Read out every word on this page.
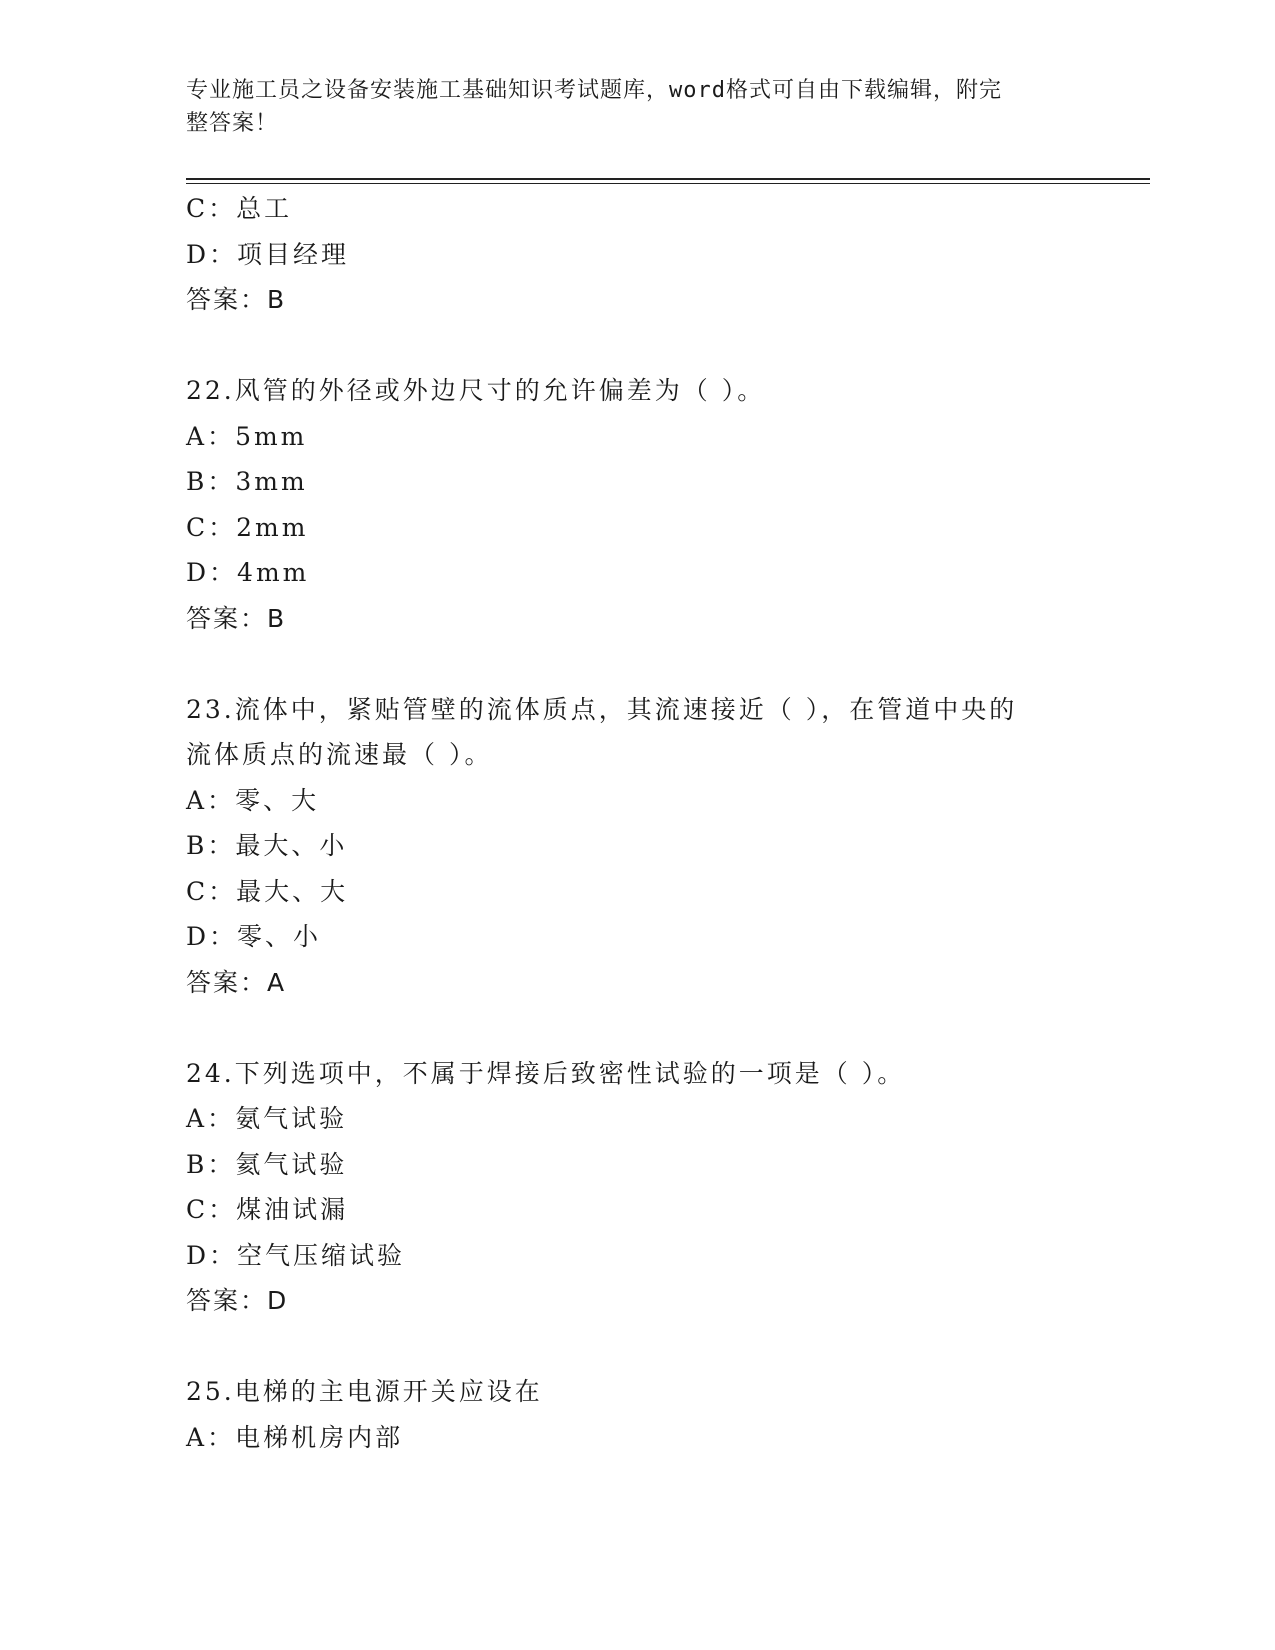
专业施工员之设备安装施工基础知识考试题库，word格式可自由下载编辑，附完
整答案！
C：总工
D：项目经理
答案：B
22.风管的外径或外边尺寸的允许偏差为（ ）。
A：5mm
B：3mm
C：2mm
D：4mm
答案：B
23.流体中，紧贴管壁的流体质点，其流速接近（ ），在管道中央的
流体质点的流速最（ ）。
A：零、大
B：最大、小
C：最大、大
D：零、小
答案：A
24.下列选项中，不属于焊接后致密性试验的一项是（ ）。
A：氨气试验
B：氦气试验
C：煤油试漏
D：空气压缩试验
答案：D
25.电梯的主电源开关应设在
A：电梯机房内部
